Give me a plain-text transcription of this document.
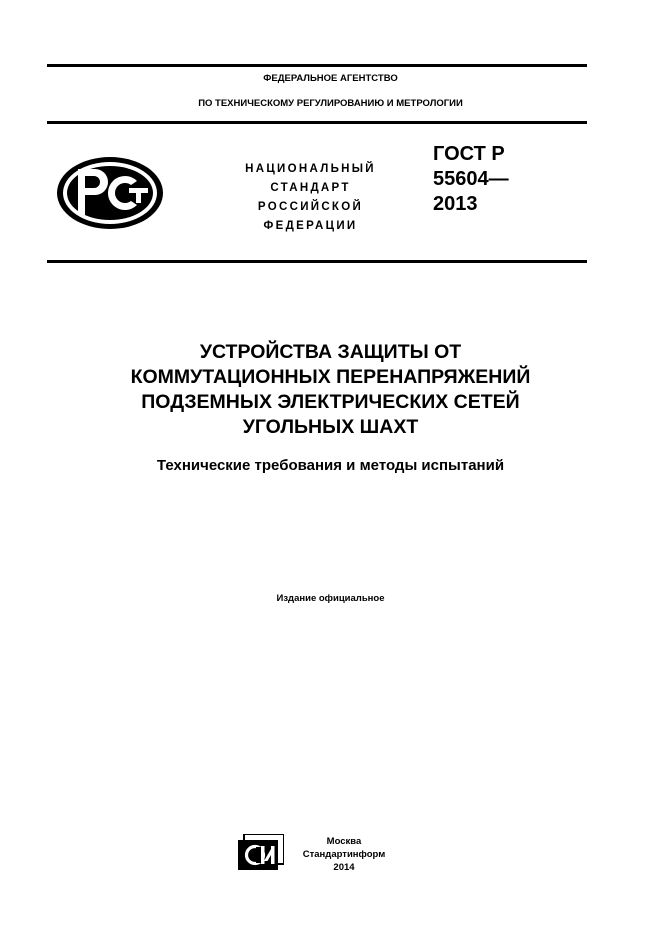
ФЕДЕРАЛЬНОЕ АГЕНТСТВО
ПО ТЕХНИЧЕСКОМУ РЕГУЛИРОВАНИЮ И МЕТРОЛОГИИ
НАЦИОНАЛЬНЫЙ
СТАНДАРТ
РОССИЙСКОЙ
ФЕДЕРАЦИИ
ГОСТ Р
55604—
2013
УСТРОЙСТВА ЗАЩИТЫ ОТ
КОММУТАЦИОННЫХ ПЕРЕНАПРЯЖЕНИЙ
ПОДЗЕМНЫХ ЭЛЕКТРИЧЕСКИХ СЕТЕЙ
УГОЛЬНЫХ ШАХТ
Технические требования и методы испытаний
Издание официальное
Москва
Стандартинформ
2014
